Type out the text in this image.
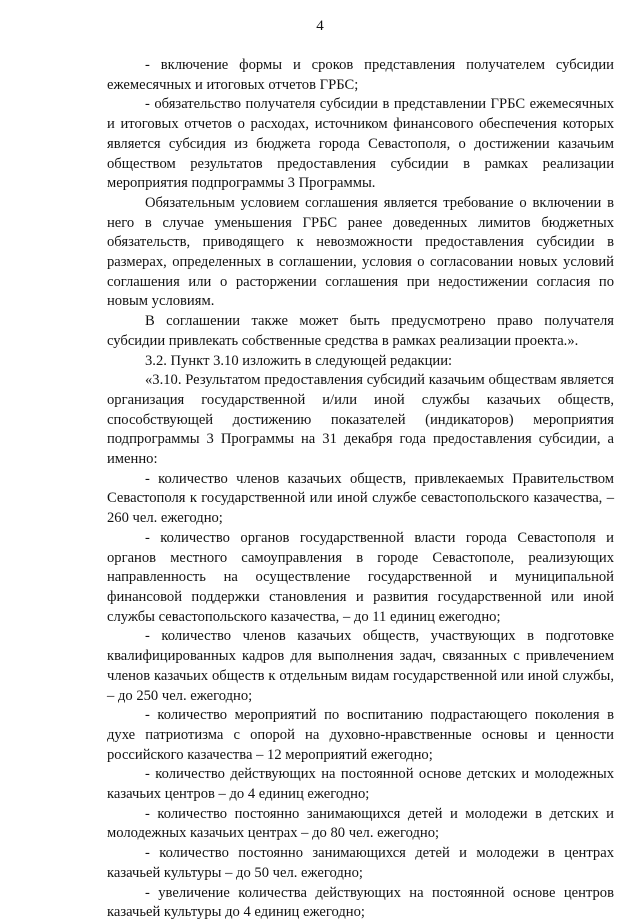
4

- включение формы и сроков представления получателем субсидии ежемесячных и итоговых отчетов ГРБС;

- обязательство получателя субсидии в представлении ГРБС ежемесячных и итоговых отчетов о расходах, источником финансового обеспечения которых является субсидия из бюджета города Севастополя, о достижении казачьим обществом результатов предоставления субсидии в рамках реализации мероприятия подпрограммы 3 Программы.

Обязательным условием соглашения является требование о включении в него в случае уменьшения ГРБС ранее доведенных лимитов бюджетных обязательств, приводящего к невозможности предоставления субсидии в размерах, определенных в соглашении, условия о согласовании новых условий соглашения или о расторжении соглашения при недостижении согласия по новым условиям.

В соглашении также может быть предусмотрено право получателя субсидии привлекать собственные средства в рамках реализации проекта.».

3.2. Пункт 3.10 изложить в следующей редакции:

«3.10. Результатом предоставления субсидий казачьим обществам является организация государственной и/или иной службы казачьих обществ, способствующей достижению показателей (индикаторов) мероприятия подпрограммы 3 Программы на 31 декабря года предоставления субсидии, а именно:

- количество членов казачьих обществ, привлекаемых Правительством Севастополя к государственной или иной службе севастопольского казачества, – 260 чел. ежегодно;

- количество органов государственной власти города Севастополя и органов местного самоуправления в городе Севастополе, реализующих направленность на осуществление государственной и муниципальной финансовой поддержки становления и развития государственной или иной службы севастопольского казачества, – до 11 единиц ежегодно;

- количество членов казачьих обществ, участвующих в подготовке квалифицированных кадров для выполнения задач, связанных с привлечением членов казачьих обществ к отдельным видам государственной или иной службы, – до 250 чел. ежегодно;

- количество мероприятий по воспитанию подрастающего поколения в духе патриотизма с опорой на духовно-нравственные основы и ценности российского казачества – 12 мероприятий ежегодно;

- количество действующих на постоянной основе детских и молодежных казачьих центров – до 4 единиц ежегодно;

- количество постоянно занимающихся детей и молодежи в детских и молодежных казачьих центрах – до 80 чел. ежегодно;

- количество постоянно занимающихся детей и молодежи в центрах казачьей культуры – до 50 чел. ежегодно;

- увеличение количества действующих на постоянной основе центров казачьей культуры до 4 единиц ежегодно;
